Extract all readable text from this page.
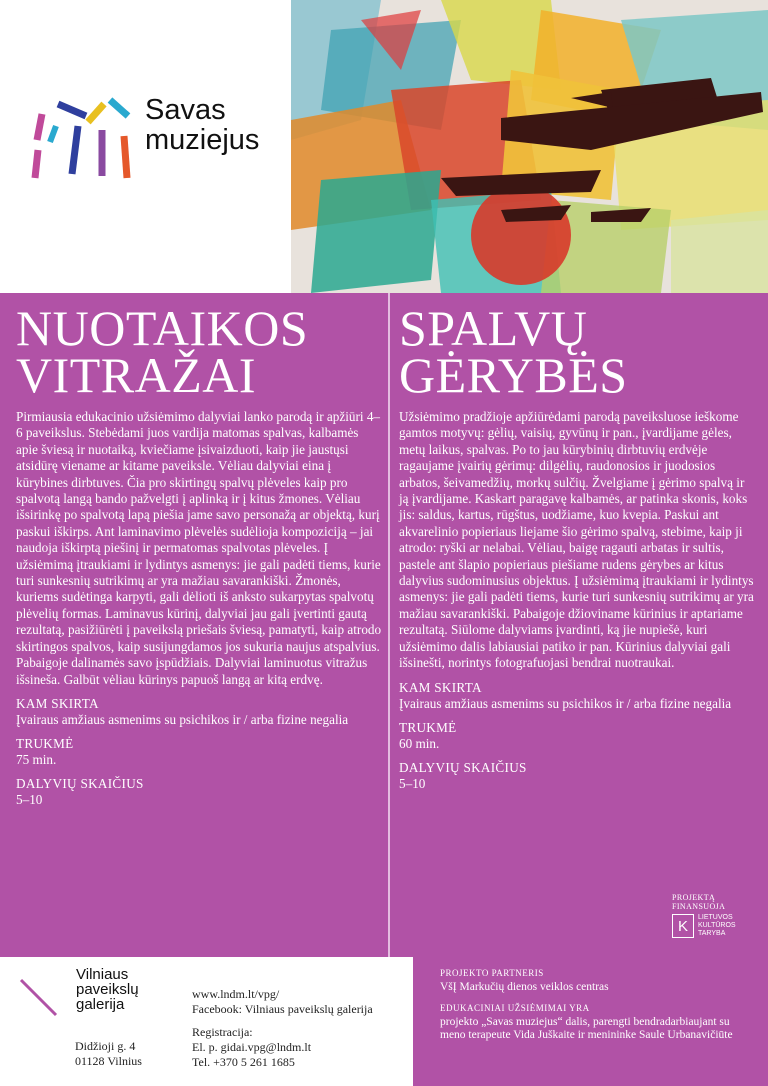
Savas
muziejus
NUOTAIKOS
VITRAŽAI

Pirmiausia edukacinio užsiėmimo dalyviai lanko parodą ir apžiūri 4–6 paveikslus. Stebėdami juos vardija matomas spalvas, kalbamės apie šviesą ir nuotaiką, kviečiame įsivaizduoti, kaip jie jaustųsi atsidūrę viename ar kitame paveiksle. Vėliau dalyviai eina į kūrybines dirbtuves. Čia pro skirtingų spalvų plėveles kaip pro spalvotą langą bando pažvelgti į aplinką ir į kitus žmones. Vėliau išsirinkę po spalvotą lapą piešia jame savo personažą ar objektą, kurį paskui iškirps. Ant laminavimo plėvelės sudėlioja kompoziciją – jai naudoja iškirptą piešinį ir permatomas spalvotas plėveles. Į užsiėmimą įtraukiami ir lydintys asmenys: jie gali padėti tiems, kurie turi sunkesnių sutrikimų ar yra mažiau savarankiški. Žmonės, kuriems sudėtinga karpyti, gali dėlioti iš anksto sukarpytas spalvotų plėvelių formas. Laminavus kūrinį, dalyviai jau gali įvertinti gautą rezultatą, pasižiūrėti į paveikslą priešais šviesą, pamatyti, kaip atrodo skirtingos spalvos, kaip susijungdamos jos sukuria naujus atspalvius. Pabaigoje dalinamės savo įspūdžiais. Dalyviai laminuotus vitražus išsineša. Galbūt vėliau kūrinys papuoš langą ar kitą erdvę.

KAM SKIRTA
Įvairaus amžiaus asmenims su psichikos ir / arba fizine negalia
TRUKMĖ
75 min.
DALYVIŲ SKAIČIUS
5–10
SPALVŲ
GĖRYBĖS

Užsiėmimo pradžioje apžiūrėdami parodą paveiksluose ieškome gamtos motyvų: gėlių, vaisių, gyvūnų ir pan., įvardijame gėles, metų laikus, spalvas. Po to jau kūrybinių dirbtuvių erdvėje ragaujame įvairių gėrimų: dilgėlių, raudonosios ir juodosios arbatos, šeivamedžių, morkų sulčių. Žvelgiame į gėrimo spalvą ir ją įvardijame. Kaskart paragavę kalbamės, ar patinka skonis, koks jis: saldus, kartus, rūgštus, uodžiame, kuo kvepia. Paskui ant akvarelinio popieriaus liejame šio gėrimo spalvą, stebime, kaip ji atrodo: ryški ar nelabai. Vėliau, baigę ragauti arbatas ir sultis, pastele ant šlapio popieriaus piešiame rudens gėrybes ar kitus dalyvius sudominusius objektus. Į užsiėmimą įtraukiami ir lydintys asmenys: jie gali padėti tiems, kurie turi sunkesnių sutrikimų ar yra mažiau savarankiški. Pabaigoje džioviname kūrinius ir aptariame rezultatą. Siūlome dalyviams įvardinti, ką jie nupiešė, kuri užsiėmimo dalis labiausiai patiko ir pan. Kūrinius dalyviai gali išsinešti, norintys fotografuojasi bendrai nuotraukai.

KAM SKIRTA
Įvairaus amžiaus asmenims su psichikos ir / arba fizine negalia
TRUKMĖ
60 min.
DALYVIŲ SKAIČIUS
5–10
PROJEKTĄ
FINANSUOJA
K	LIETUVOS
KULTŪROS
TARYBA
Vilniaus
paveikslų
galerija
Didžioji g. 4
01128 Vilnius
www.lndm.lt/vpg/
Facebook: Vilniaus paveikslų galerija
Registracija:
El. p. gidai.vpg@lndm.lt
Tel. +370 5 261 1685
PROJEKTO PARTNERIS
VšĮ Markučių dienos veiklos centras
EDUKACINIAI UŽSIĖMIMAI YRA
projekto „Savas muziejus“ dalis, parengti bendradarbiaujant su meno terapeute Vida Juškaite ir menininke Saule Urbanavičiūte
